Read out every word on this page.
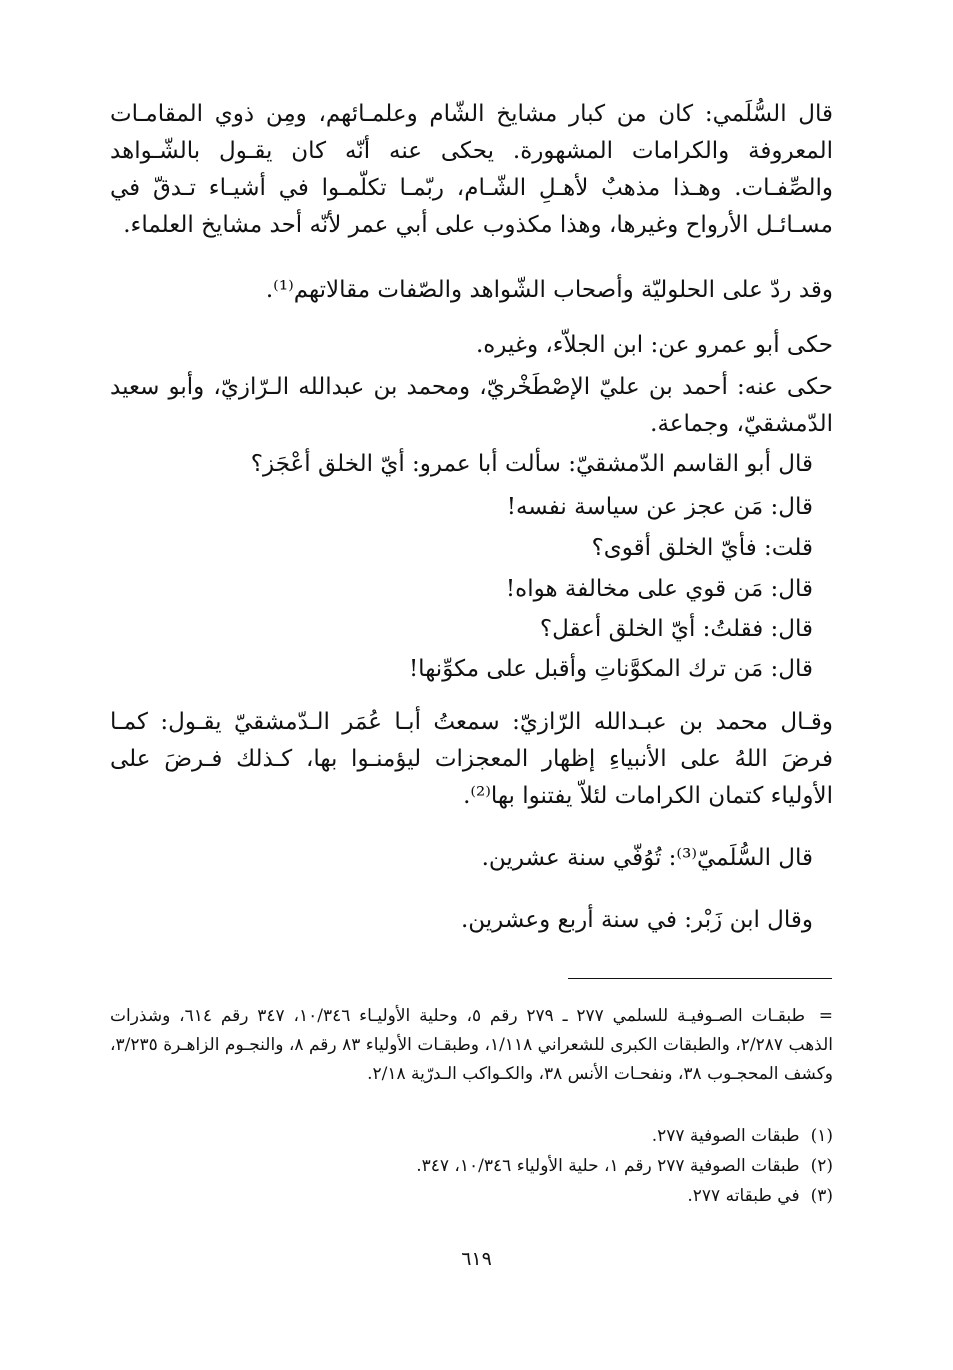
قال السُّلَمي: كان من كبار مشايخ الشّام وعلمـائهم، ومِن ذوي المقامـات المعروفة والكرامات المشهورة. يحكى عنه أنّه كان يقـول بالشّـواهد والصِّفـات. وهـذا مذهبٌ لأهـلِ الشّـام، ربّمـا تكلّمـوا في أشيـاء تـدقّ في مسـائـل الأرواح وغيرها، وهذا مكذوب على أبي عمر لأنّه أحد مشايخ العلماء.

وقد ردّ على الحلوليّة وأصحاب الشّواهد والصّفات مقالاتهم⁽¹⁾.

حكى أبو عمرو عن: ابن الجلاّء، وغيره.

حكى عنه: أحمد بن عليّ الإصْطَخْريّ، ومحمد بن عبدالله الـرّازيّ، وأبو سعيد الدّمشقيّ، وجماعة.

قال أبو القاسم الدّمشقيّ: سألت أبا عمرو: أيّ الخلق أعْجَز؟

قال: مَن عجز عن سياسة نفسه!

قلت: فأيّ الخلق أقوى؟

قال: مَن قوي على مخالفة هواه!

قال: فقلتُ: أيّ الخلق أعقل؟

قال: مَن ترك المكوَّناتِ وأقبل على مكوِّنها!

وقـال محمد بن عبـدالله الرّازيّ: سمعتُ أبـا عُمَر الـدّمشقيّ يقـول: كمـا فرضَ اللهُ على الأنبياءِ إظهار المعجزات ليؤمنـوا بها، كـذلك فـرضَ على الأولياء كتمان الكرامات لئلاّ يفتنوا بها⁽²⁾.

قال السُّلَميّ⁽³⁾: تُوُفّي سنة عشرين.

وقال ابن زَبْر: في سنة أربع وعشرين.

=طبقـات الصـوفيـة للسلمي ٢٧٧ ـ ٢٧٩ رقم ٥، وحلية الأوليـاء ١٠/٣٤٦، ٣٤٧ رقم ٦١٤، وشذرات الذهب ٢/٢٨٧، والطبقات الكبرى للشعراني ١/١١٨، وطبقـات الأولياء ٨٣ رقم ٨، والنجـوم الزاهـرة ٣/٢٣٥، وكشف المحجـوب ٣٨، ونفحـات الأنس ٣٨، والكـواكب الـدرّية ٢/١٨.

(١) طبقات الصوفية ٢٧٧.

(٢) طبقات الصوفية ٢٧٧ رقم ١، حلية الأولياء ١٠/٣٤٦، ٣٤٧.

(٣) في طبقاته ٢٧٧.

٦١٩
